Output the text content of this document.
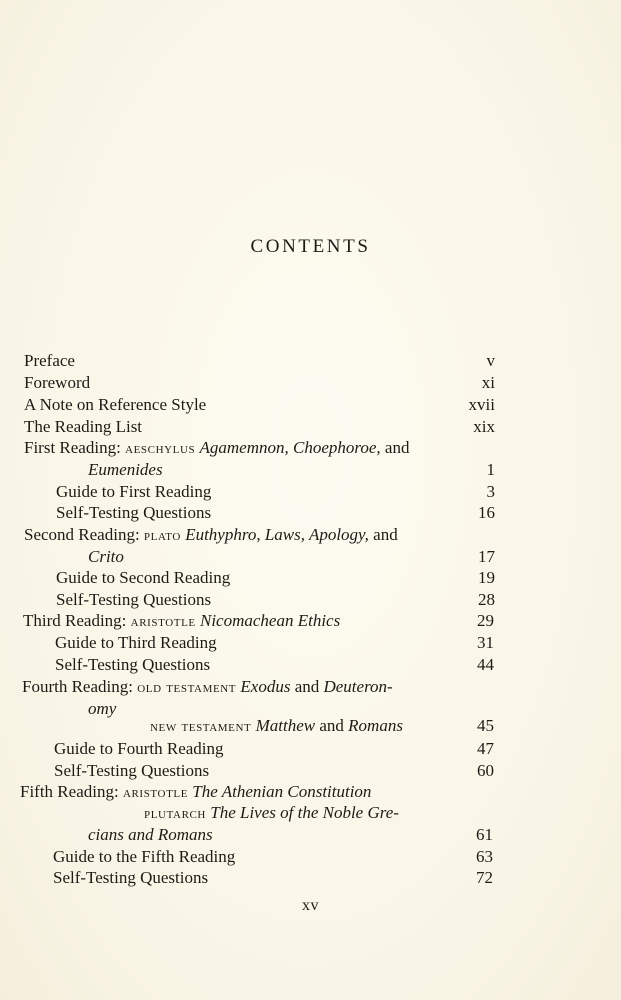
CONTENTS
Preface	v
Foreword	xi
A Note on Reference Style	xvii
The Reading List	xix
First Reading: aeschylus Agamemnon, Choephoroe, and
Eumenides	1
Guide to First Reading	3
Self-Testing Questions	16
Second Reading: plato Euthyphro, Laws, Apology, and
Crito	17
Guide to Second Reading	19
Self-Testing Questions	28
Third Reading: aristotle Nicomachean Ethics	29
Guide to Third Reading	31
Self-Testing Questions	44
Fourth Reading: old testament Exodus and Deuteron-
omy
new testament Matthew and Romans	45
Guide to Fourth Reading	47
Self-Testing Questions	60
Fifth Reading: aristotle The Athenian Constitution
plutarch The Lives of the Noble Gre-
cians and Romans	61
Guide to the Fifth Reading	63
Self-Testing Questions	72
xv
